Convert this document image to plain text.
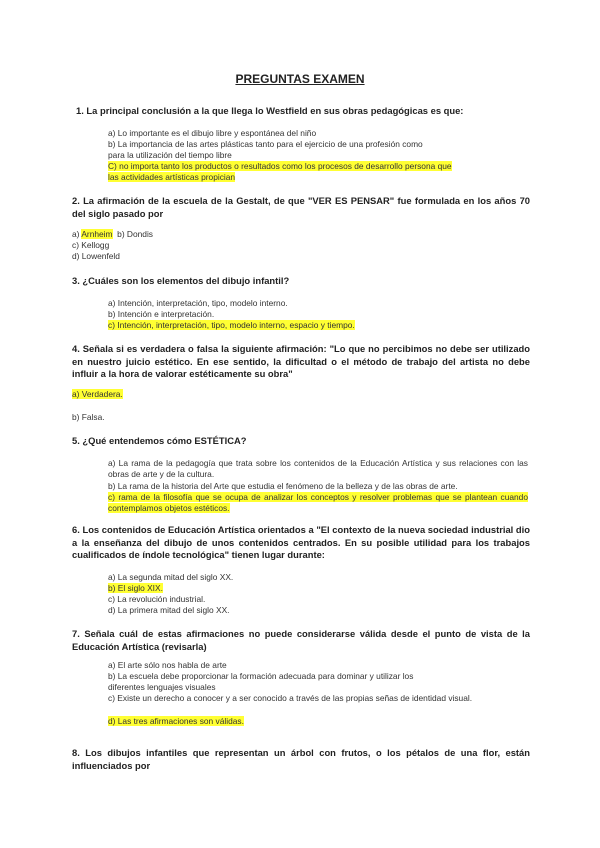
PREGUNTAS EXAMEN
1. La principal conclusión a la que llega lo Westfield en sus obras pedagógicas es que:
a) Lo importante es el dibujo libre y espontánea del niño
b) La importancia de las artes plásticas tanto para el ejercicio de una profesión como
para la utilización del tiempo libre
C) no importa tanto los productos o resultados como los procesos de desarrollo persona que
las actividades artísticas propician
2. La afirmación de la escuela de la Gestalt, de que "VER ES PENSAR" fue formulada en los años 70 del siglo pasado por
a) Arnheim b) Dondis
c) Kellogg
d) Lowenfeld
3. ¿Cuáles son los elementos del dibujo infantil?
a) Intención, interpretación, tipo, modelo interno.
b) Intención e interpretación.
c) Intención, interpretación, tipo, modelo interno, espacio y tiempo.
4. Señala si es verdadera o falsa la siguiente afirmación: "Lo que no percibimos no debe ser utilizado en nuestro juicio estético. En ese sentido, la dificultad o el método de trabajo del artista no debe influir a la hora de valorar estéticamente su obra"
a) Verdadera.
b) Falsa.
5. ¿Qué entendemos cómo ESTÉTICA?
a) La rama de la pedagogía que trata sobre los contenidos de la Educación Artística y sus relaciones con las obras de arte y de la cultura.
b) La rama de la historia del Arte que estudia el fenómeno de la belleza y de las obras de arte.
c) rama de la filosofía que se ocupa de analizar los conceptos y resolver problemas que se plantean cuando contemplamos objetos estéticos.
6. Los contenidos de Educación Artística orientados a "El contexto de la nueva sociedad industrial dio a la enseñanza del dibujo de unos contenidos centrados. En su posible utilidad para los trabajos cualificados de índole tecnológica" tienen lugar durante:
a) La segunda mitad del siglo XX.
b) El siglo XIX.
c) La revolución industrial.
d) La primera mitad del siglo XX.
7. Señala cuál de estas afirmaciones no puede considerarse válida desde el punto de vista de la Educación Artística (revisarla)
a) El arte sólo nos habla de arte
b) La escuela debe proporcionar la formación adecuada para dominar y utilizar los
diferentes lenguajes visuales
c) Existe un derecho a conocer y a ser conocido a través de las propias señas de identidad visual.
d) Las tres afirmaciones son válidas.
8. Los dibujos infantiles que representan un árbol con frutos, o los pétalos de una flor, están influenciados por
